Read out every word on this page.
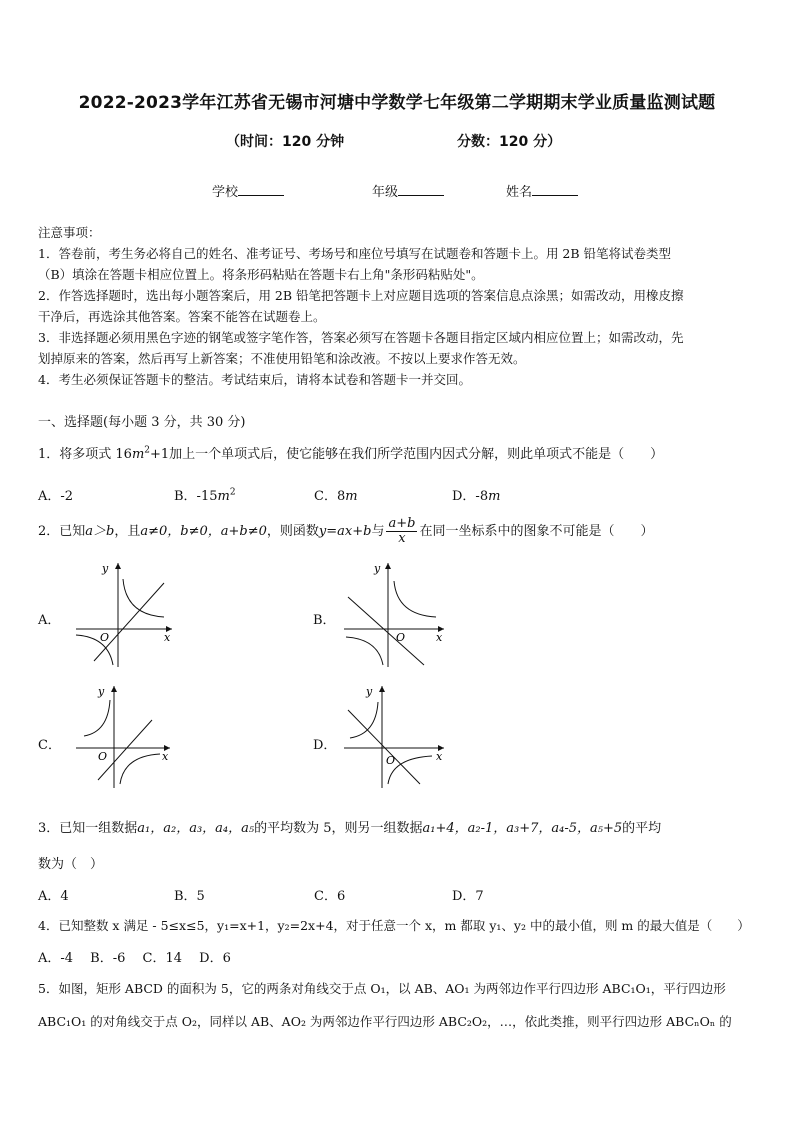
2022-2023学年江苏省无锡市河塘中学数学七年级第二学期期末学业质量监测试题
（时间：120 分钟	分数：120 分）
学校	年级	姓名
注意事项：
1．答卷前，考生务必将自己的姓名、准考证号、考场号和座位号填写在试题卷和答题卡上。用 2B 铅笔将试卷类型
（B）填涂在答题卡相应位置上。将条形码粘贴在答题卡右上角"条形码粘贴处"。
2．作答选择题时，选出每小题答案后，用 2B 铅笔把答题卡上对应题目选项的答案信息点涂黑；如需改动，用橡皮擦
干净后，再选涂其他答案。答案不能答在试题卷上。
3．非选择题必须用黑色字迹的钢笔或签字笔作答，答案必须写在答题卡各题目指定区域内相应位置上；如需改动，先
划掉原来的答案，然后再写上新答案；不准使用铅笔和涂改液。不按以上要求作答无效。
4．考生必须保证答题卡的整洁。考试结束后，请将本试卷和答题卡一并交回。
一、选择题(每小题 3 分，共 30 分)
1．将多项式 $16m^2+1$加上一个单项式后，使它能够在我们所学范围内因式分解，则此单项式不能是（　　）
A．-2	B．$-15m^2$	C．8m	D．-8m
2．已知a＞b，且a≠0，b≠0，a+b≠0，则函数y=ax+b与 $\frac{a+b}{x}$ 在同一坐标系中的图象不可能是（　　）
A．
y
x
O
B．
y
x
O
C．
y
x
O
D．
y
x
O
3．已知一组数据a₁，a₂，a₃，a₄，a₅的平均数为 5，则另一组数据a₁+4，a₂-1，a₃+7，a₄-5，a₅+5的平均
数为（　）
A．4	B．5	C．6	D．7
4．已知整数 x 满足 - 5≤x≤5，y₁=x+1，y₂=2x+4，对于任意一个 x，m 都取 y₁、y₂ 中的最小值，则 m 的最大值是（　　）
A．-4　 B．-6　 C．14　 D．6
5．如图，矩形 ABCD 的面积为 5，它的两条对角线交于点 O₁，以 AB、AO₁ 为两邻边作平行四边形 ABC₁O₁，平行四边形
ABC₁O₁ 的对角线交于点 O₂，同样以 AB、AO₂ 为两邻边作平行四边形 ABC₂O₂，…，依此类推，则平行四边形 ABCₙOₙ 的
